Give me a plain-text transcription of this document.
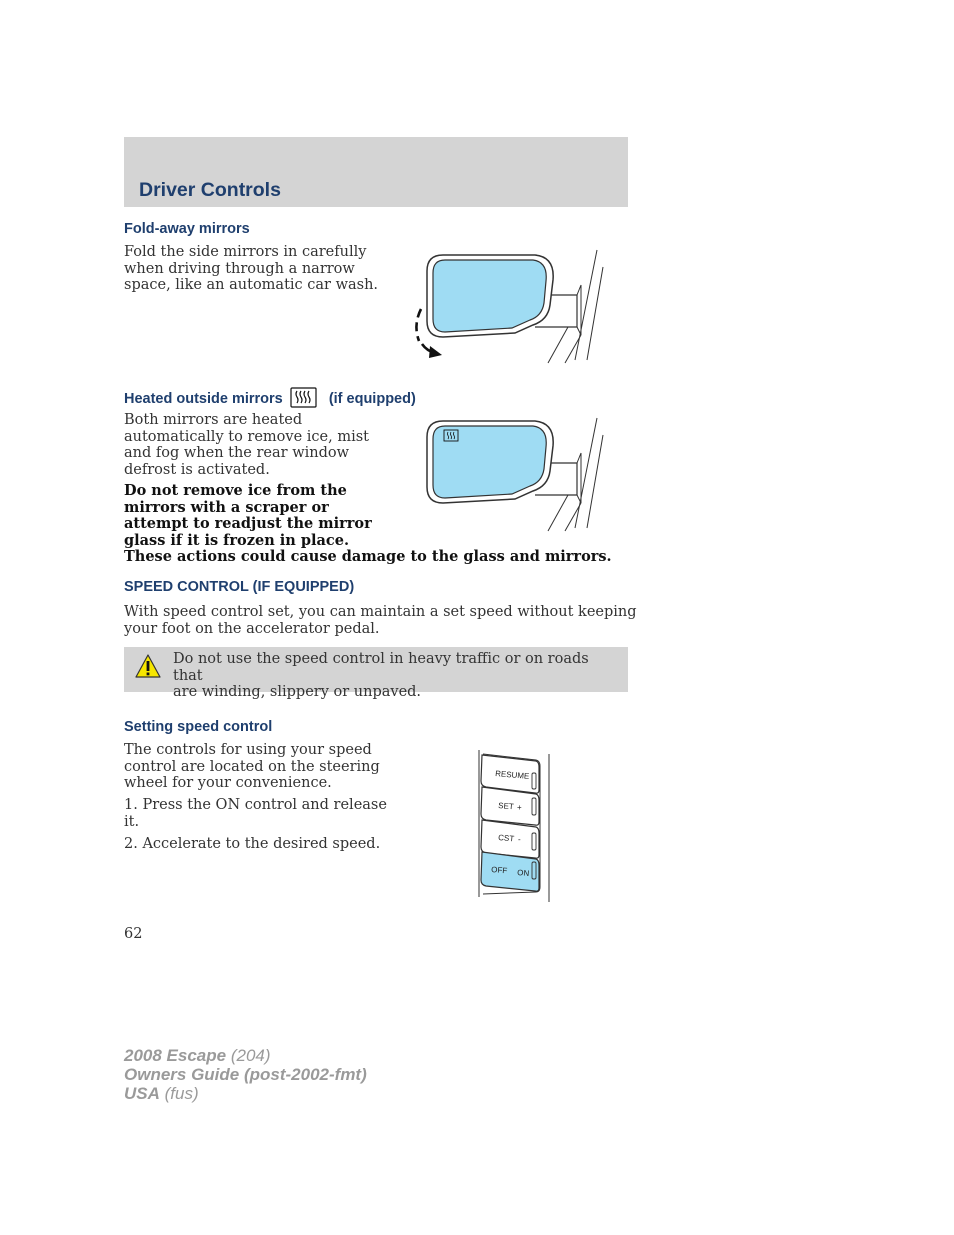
Driver Controls
Fold-away mirrors
Fold the side mirrors in carefully
when driving through a narrow
space, like an automatic car wash.
Heated outside mirrors	(if equipped)
Both mirrors are heated
automatically to remove ice, mist
and fog when the rear window
defrost is activated.
Do not remove ice from the
mirrors with a scraper or
attempt to readjust the mirror
glass if it is frozen in place.
These actions could cause damage to the glass and mirrors.
SPEED CONTROL (IF EQUIPPED)
With speed control set, you can maintain a set speed without keeping
your foot on the accelerator pedal.
Do not use the speed control in heavy traffic or on roads that
are winding, slippery or unpaved.
Setting speed control
The controls for using your speed
control are located on the steering
wheel for your convenience.
1. Press the ON control and release
it.
2. Accelerate to the desired speed.
RESUME
SET +
CST -
OFF ON
62
2008 Escape (204)
Owners Guide (post-2002-fmt)
USA (fus)
